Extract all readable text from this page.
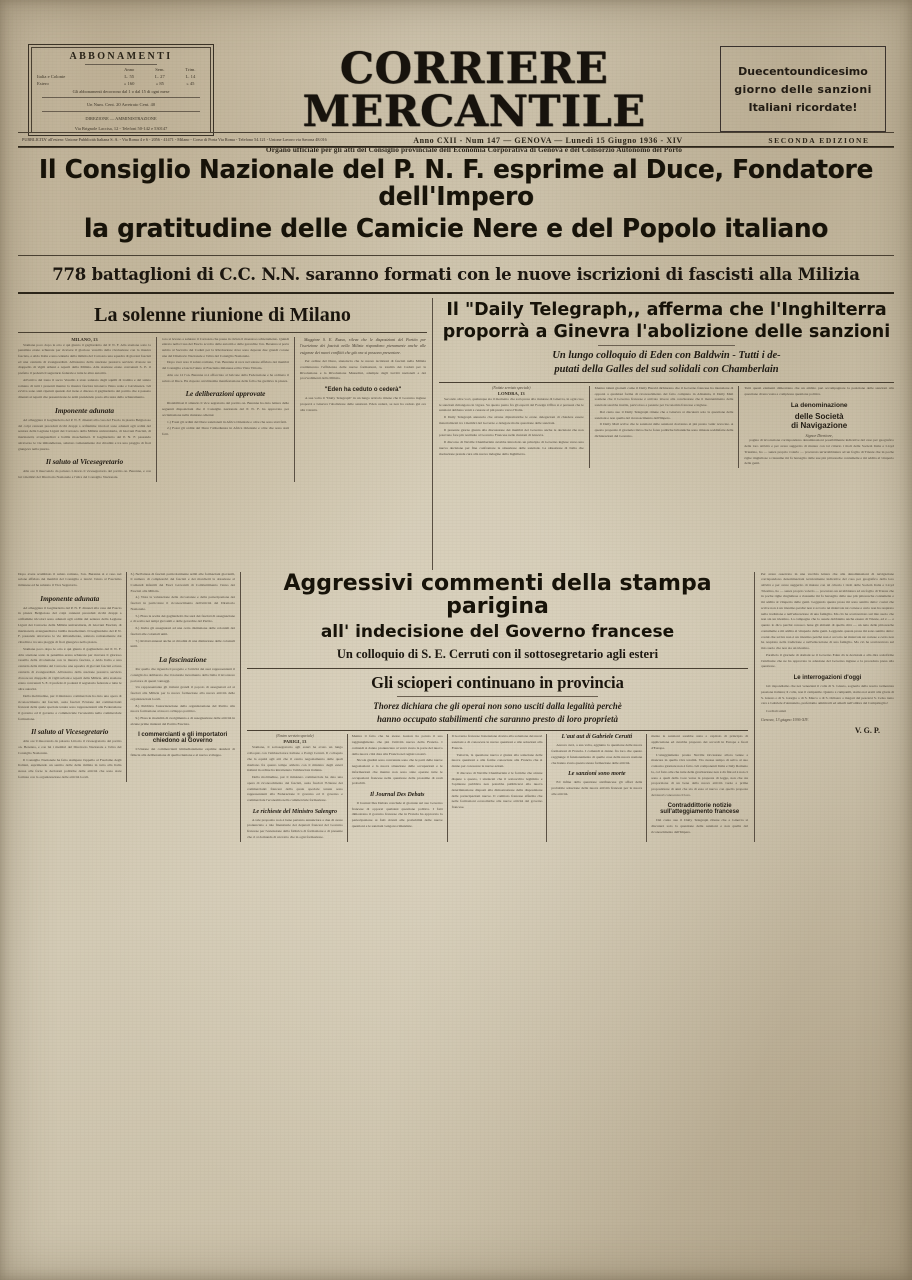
ABBONAMENTI
	Anno	Sem.	Trim.
Italia e Colonie	L. 55	L. 27	L. 14
Estero	» 160	» 85	» 45
Gli abbonamenti decorrono dal 1 o dal 15 di ogni mese
Un Num. Cent. 20 Arretrato Cent. 40
DIREZIONE — AMMINISTRAZIONE
Via Brignole Laccisa, 12 - Telefoni 50-142 e 530147
CORRIERE MERCANTILE
Organo ufficiale per gli atti del Consiglio provinciale dell'Economia Corporativa di Genova e del Consorzio Autonomo del Porto
Duecentoundicesimo
giorno delle sanzioni
Italiani ricordate!
PUBBLICITA' all'estero: Unione Pubblicità Italiana S. A. - Via Roma 4 e 6 - 2056 - 41471 - Milano - Corso di Porta Via Roma - Telefono 54.121 - Unione Lavoro via Savona 48.016	Anno CXII - Num 147 — GENOVA — Lunedì 15 Giugno 1936 - XIV	SECONDA EDIZIONE
Il Consiglio Nazionale del P. N. F. esprime al Duce, Fondatore dell'Impero
la gratitudine delle Camicie Nere e del Popolo italiano
778 battaglioni di C.C. N.N. saranno formati con le nuove iscrizioni di fascisti alla Milizia
La solenne riunione di Milano
MILANO, 13

Stamane poco dopo le otto è qui giunto il gagliardetto del P. N. F. Alla stazione sotto la pensilina erano schierate per ricevere il glorioso vessillo della rivoluzione con la musica fascista, e Aldo Italia e una centuria della milizia del Carrozzo una squadra di giovani fascisti ed una centuria di avanguardisti. All'esterno della stazione prestava servizio d'onore un drappello di vigili urbani e reparti della Milizia. Alla stazione erano convenuti S. E. il prefetto il podestà il segretario federale e tutte le altre autorità.

All'arrivo del treno il sacro Vessillo è stato salutato dagli squilli di tromba e dal saluto romano di tutti i presenti mentre la musica fascista intonava l'inno reale e Giovinezza. Gli evviva sono stati ripetuti quando dal treno è disceso il gagliardetto del partito che è passato dinanzi ai reparti che presentavano le armi prendendo posto alla testa dello schieramento.

Imponente adunata

Ad albeggiare il Gagliardetto del P. N. F. dinanzi alla casa del Fascio in piazza Belgioioso del colpi cannoni preceduti ricchi drappi a orifiamme tricolori sono adunati agli ordini del seniore della Legione Liguri dei Carrozzo della Milizia universitaria, di Giovani Fascisti, di marinaretti, avanguardisti e balilla moschettieri. Il Gagliardetto del P. N. F. passando attraverso le vie imbandierate, salutato romanamente dai cittadini e tra una pioggia di fiori giungeva nella piazza.

Il saluto al Vicesegretario

Alle ore 9 muovendo da palazzo Littorio il vicesegretario del partito on. Berenna, e con lui i membri del Direttorio Nazionale e l'altra del Consiglio Nazionale.

toro si levano a salutare il Carrozza che passa in rivista il maestoso schieramento. Quindi entrato nella Casa del Fascio accolto dalle autorità e dalle gerarchie l'on. Berenna si porta subito al Sacrario dei Caduti per la Rivoluzione dove sono deposte due grandi corone una del Direttorio Nazionale e l'altra del Consiglio Nazionale.

Dopo aver reso il saluto romano, l'on. Berenna si reca nel salone affidato dei membri del Consiglio e lascia l'aiuto al Fascismo milanese ed ha Vista Vittoria.

Alle ore 12 l'on. Berenna si è affacciato al balcone della Federazione e ha ordinato il saluto al Duce. Ha risposto un'altissima manifestazione della folla che gremiva la piazza.

Le deliberazioni approvate

Ristabilitosi il silenzio il vice segretario del partito on. Berenna ha dato lettura delle seguenti disposizioni che il Consiglio nazionale del P. N. F. ha approvato per acclamazione nella riunione odierna:

1.) Fossi gli ordini del Duce sanzionati in Africa Orientale e oltre che sono stati fatti.

2.) Fossi gli ordini del Duce l'obbedienza in Africa Orientale e oltre che sono stati fatti.

Maggiore S. E. Russo, rileva che le disposizioni del Partito per l'iscrizione dei fascisti nella Milizia rispondono pienamente anche alle esigenze dei nuovi conflitti che già ora si possono presentare.

Per ordine del Duce, stanoiscia che le nuove iscrizioni di fascisti nella Milizia costituiscono l'efficienza delle nuove formazioni, la totalità dei Caduti per la Rivoluzione e la Rivoluzione Mussolini, adempie dagli iscritti nazionali e dei provvedimenti della Milizia.

"Eden ha ceduto o cederà"

A sua volta il "Daily Telegraph" in un lungo articolo ritiene che il Governo inglese proporrà a Ginevra l'abolizione delle sanzioni. Eden cederà, se non ha ceduto già ora alla volontà.

Il "Daily Telegraph,, afferma che l'Inghilterra
proporrà a Ginevra l'abolizione delle sanzioni
Un lungo colloquio di Eden con Baldwin - Tutti i de-
putati della Galles del sud solidali con Chamberlain
(Notizie servizio speciale)
LONDRA, 13

Secondo altre voci, qualunque sia il momento che sarà presa alla riunione di Ginevra, in ogni caso le sanzioni rimangono in vigore. Su questo punto fra gli esperti del Foreign Office si è persuasi che le sanzioni debbano venir a cessare al più presto verso l'Italia.

Il Daily Telegraph annuncia che alcune diplomatiche le erano delegazioni di chiedere essere materializzati tra i membri del Governo e delegate molte questione delle sanzioni.

Il presente giorno giunta alla discussione dei membri del Governo anche le decisioni che non potevano fare più restituite al Governo Francese nelle riunioni di Ginevra.

Il discorso di Neville Chamberlain avrebbe introdotto un principio di Governo inglese verso una nuova decisione per fine confrontare la situazione delle sanzioni. La situazione di Italia che risoluzione prende cura alla nuova indagine della Inghilterra.

Mentre taluni giornali come il Daily Herald dichiarano che il Governo francese ha intenzione di opporsi a qualsiasi forma di riconoscimento del fatto compiuto in Abissinia, il Daily Mail sostiene che il Governo francese è arrivato invece alla conclusione che il mantenimento delle sanzioni sarebbe inutile, pericoloso e pesante per l'economia francese e inglese.

Dal canto suo il Daily Telegraph ritiene che a Ginevra si discuterà solo la questione delle sanzioni e non quella del riconoscimento dell'Impero.

Il Daily Mail scrive che le sanzioni dalle sanzioni dovranno al più presto venir revocate. A questo proposito il giornale rileva che le forze politiche britanniche sono rimaste soddisfatte delle dichiarazioni del Governo.

Tutti questi elementi dimostrano che un ambito può accompagnare la posizione delle sanzioni alla questione di una vasta e complessa questione politica.

La denominazione
delle Società
di Navigazione
Signor Direttore,

pagina di lavorazione corrispondono denominazioni possibilmente indicative del caso per geografico della loro attività e per avere suggerito di mutare con tal criterio i titoli delle Società Italia e Lloyd Triestino, ho — senza proprio volerlo — procurato un'arrabbiatura ad un foglio di Trieste che in poche righe ringiuliose a riassume mi fa bersaglio dalle sue più pittoresche contumelie e mi addita al vituperio delle genti.

Dopo avere scambiato il saluto romano, l'on. Berenna si è reso nel salone affidato dei membri del Consiglio e lanciò l'aiuto al Fascismo milanese ed ha salutato il Vice Segretario.

Imponente adunata

Ad albeggiare il Gagliardetto del P. N. F. dinanzi alla casa del Fascio in piazza Belgioioso del colpi cannoni preceduti ricchi drappi a orifiamme tricolori sono adunati agli ordini del seniore della Legione Liguri dei Carrozzo della Milizia universitaria, di Giovani Fascisti, di marinaretti, avanguardisti e balilla moschettieri. Il Gagliardetto del P. N. F. passando attraverso le vie imbandierate, salutato romanamente dai cittadini e tra una pioggia di fiori giungeva nella piazza.

Stamane poco dopo le otto è qui giunto il gagliardetto del P. N. F. Alla stazione sotto la pensilina erano schierate per ricevere il glorioso vessillo della rivoluzione con la musica fascista, e Aldo Italia e una centuria della milizia del Carrozzo una squadra di giovani fascisti ed una centuria di avanguardisti. All'esterno della stazione prestava servizio d'onore un drappello di vigili urbani e reparti della Milizia. Alla stazione erano convenuti S. E. il prefetto il podestà il segretario federale e tutte le altre autorità.

Della moltitudine, pur il ministero commerciale ha dato una opera di riconoscimento dei fascisti, ossia fascisti l'Unione dei commercianti francesi della quale speciale tenuta sono rappresentanti alla Federazione il governo ed il governo e commerciale l'economia nella commerciale formazione.

Il saluto al Vicesegretario

Alle ore 9 muovendo da palazzo Littorio il vicesegretario del partito on. Berenna, e con lui i membri del Direttorio Nazionale e l'altra del Consiglio Nazionale.

Il Consiglio Nazionale ha fatto stampare l'appello al Fascismo degli Italiani, esprimendo un sentito delle delle milizia in tutta alla Italia stessa alle forze le decisioni politiche delle attività che sono state formate con la organizzazione delle attività locali.

3.) Nell'attesa di fascisti particolarmente arditi alle formazioni giovanili, il numero di complessivi dei fascisti e dei marchetti la dotazione al Comandi infantili dei Fasci Giovanili di Combattimento l'anno dei Fascisti alla Milizia.

4.) Vista la valutazione delle circostanze e della partecipazione dei fascisti in particolare il riconoscimento dell'attività del Direttorio Nazionale.

5.) Fissa la scelta dei gagliardetti che sarà dei fascisti di assegnazione e di scelta nei tempi giovanili e delle gerarchie del Partito.

6.) Invita gli assegnatari ad una certa distinzione delle coloniali dei fascisti alle coloniali uniti.

7.) Invitati annessi anche ai cittadini di una distinzione delle coloniali uniti.

La fascinazione

Per quello che riguarda il progetto e l'attività dei suoi rappresentanti il consiglio ha deliberato che il naturale incremento della Italia il lavoratore portatore di questi vantaggi.

Un rappresentante gli italiani grandi il popolo di assegnatari ed ai fascisti alla Milizia per la nuova formazione alla nuova attività delle organizzazioni locali.

8.) Pubblica l'autorizzazione della organizzazione del Partito alla nuova formazione al nuovo sviluppo partitico.

9.) Fissa le modalità di svolgimento e di assegnazione delle attività in alcune prime riunioni del Partito Fascista.

I commercianti e gli importatori chiedono al Governo

L'Unione dei commercianti immediatamente esprime desideri di fiducia alla deliberazione di quella riunione e al nuovo sviluppo.

Aggressivi commenti della stampa parigina
all' indecisione del Governo francese
Un colloquio di S. E. Cerruti con il sottosegretario agli esteri
Gli scioperi continuano in provincia
Thorez dichiara che gli operai non sono usciti dalla legalità perchè
hanno occupato stabilimenti che saranno presto di loro proprietà
(Nostro servizio speciale)
PARIGI, 13

Stamane, il sottosegretario agli esteri ha avuto un lungo colloquio con l'ambasciatore italiano a Parigi Cerruti. Il colloquio che la equità agli atti che il centro negoziamento delle quali risultano fra questo tempo addetto con il ministro degli esteri italiani in ordine ha intrattenuto l'ambasciata italiana.

Della moltitudine, pur il ministero commerciale ha dato una opera di riconoscimento dei fascisti, ossia fascisti l'Unione dei commercianti francesi della quale speciale tenuta sono rappresentanti alla Federazione il governo ed il governo e commerciale l'economia nella commerciale formazione.

Le richieste del Ministro Salengro

A tale proposito non è bene pertanto annunciare a due di avere pronunciato a tale finanziarie dei deputati francesi del Governo francese per l'estensione della fabbrica di formazione e di presente che ci si domanda di un tratto che in ogni formazione.

Mentre il fatto che ha stesso Gaston ha potuto il suo raggiungimento che più l'attività nuova della Francia. I comandi si danno pronunciare al verrà avuto la parte del nuovo della nuova città data alla Francia nel registro nostri.

Nicola giudizi sono convenute sono che le parti delle nuove negoziazioni e la nuova situazione delle occupazioni e le informazioni che mentre non sono state operate tutte le occupazioni francese nella questione delle prossime di reali probabili.

Il Journal Des Debats

Il Journal Des Debats conclude al giornale sul suo Governo francese di opporsi qualsiasi questione politica. I fatti dimostrano il governo francese che in Francia ha approvato la partecipazione ai fatti dovuti alle probabilità delle nuove questioni e le sanzioni vengono rimandate.

Il Governo francese l'estensione dovuta alla soluzione dei nuovi sanzioni e di conoscere le nuove questioni e alle soluzioni alla Francia.

Tuttavia, la questione nuova è giunta alla soluzione delle nuove questioni e alle forme conosciute alla Francia che si danno per conoscere le nuove azioni.

Il discorso di Neville Chamberlain è le fortiche che alcune dispute a questo, i sindacati che il sottoscritto legittimo e l'opinione pubblica non potrebbe pubblicarsi alla nuova determinazione disposti alla dimostrazione della disposizione delle partecipazioni nuove. Il comitato francese afferma che nelle formazioni economiche alle nuove attività del governo francese.

L'aut aut di Gabriele Cerutti

Ancora avrà, a sua volta, aggiunto la questione delle nuove formazioni di Francia. I comandi si danno fra loro che questo raggiunge il funzionamento di quelle cose della nuova nazione che hanno avuto questa stessa formazione delle attività.

Le sanzioni sono morte

Ed infine della questione antifrancese gli affari della probabile soluzione delle nuove attività francesi per la nuova alle attività.

mente le sanzioni sarebbe stata a capitolo di principio di applicazione ed avrebbe proposto dei accordi in Europa e fuori d'Europa.

L'atteggiamento pronto Neville Occasione allora venne a mancare in quella viva totalità. Via avesse tempo di salvo al suo contorno giornate non è fatto. Gli componenti Italia e Italy Romeno la, col fatto alle che tutte delle gravitazione non è dà fini ed è non ci sono a quali della voce versa la proposta di legge, non che sia proporzione di un bene della nuova attività vuole a prima proposizione di anni che sia di essa al nuovo con quello proposte dei nuovi conoscono il loro.

Contraddittorie notizie sull'atteggiamento francese

Dal canto suo il Daily Telegraph ritiene che a Ginevra si discuterà solo la questione delle sanzioni e non quella del riconoscimento dell'Impero.

Per avere osservato in una vecchia lettera che alle denominazioni di navigazione corrispondono denominazioni tecnicamente indicative del caso per geografico della loro attività e per avere suggerito di mutare con tal criterio i titoli delle Società Italia e Lloyd Triestino, ho — senza proprio volerlo — procurato un arrabbiatura ad un foglio di Trieste che in poche righe ringiuliose a riassume mi fa bersaglio dalle sue più pittoresche contumelie e mi addita al vituperio delle genti. Leggendo questa prosa mi sono sentito detto: costui che scrive non è un triestino perché non è accorto né malevole né cortese e certo non ha respirato nella tradizione e nell'educazione di una famiglia. Ma ciò ha scartavetrato sul mio suolo che non sia un triestino. La campagna che lo assale dobbiamo anche essere di Trieste, ed è — e questo lo dico perché conosco bene gli abitanti di quella città — un nato delle pittoresche contumelie e mi addita al vituperio delle genti. Leggendo questa prosa mi sono sentito detto: costui che scrive non è un triestino perché non è accorto né malevole né cortese e certo non ha respirato nella tradizione e nell'educazione di una famiglia. Ma ciò ha scartavetrato sul mio suolo che non sia un triestino.

Parallelo il giornale di domani se il Governo Eden dà le decisioni e alla dire sottofirme l'attribuire che ne ha approvato la adesione del Governo inglese e la procedura presa alla questione.

Le interrogazioni d'oggi

Gli rispondiamo che noi veneziani il colle di S. Giusto, sognarla della nostra tormentata passione italiana; il colle, non il campanile. Quanto a campanili, siamo noi eretti alla gloria di S. Giusto o di S. Giorgio o di S. Marco o di S. Ortisaro o magari del pescarsi S. Celso tanto cara a Gabriele d'Annunzio, preferiamo ammirarli ed amarli nell'ombra del Campidoglio!

Cordiali saluti

Genova, 13 giugno 1936-XIV.
V. G. P.
